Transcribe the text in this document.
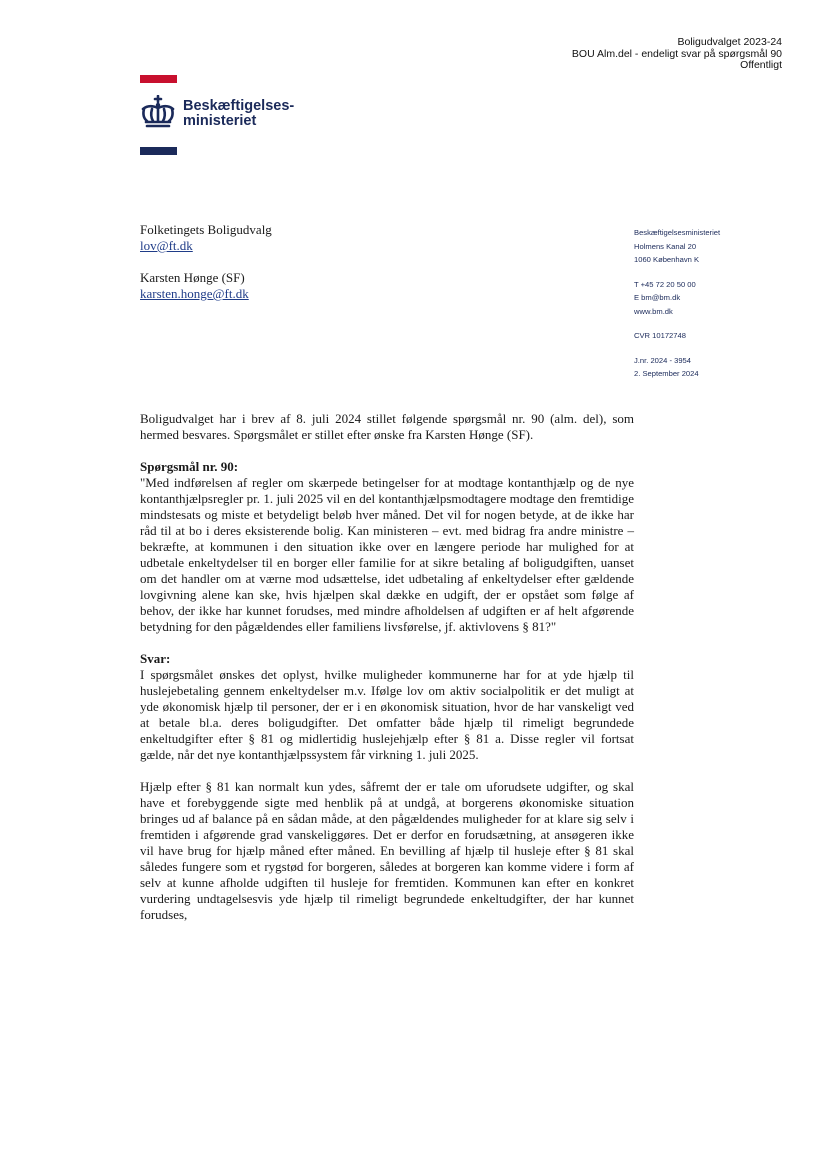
Boligudvalget 2023-24
BOU Alm.del - endeligt svar på spørgsmål 90
Offentligt
Beskæftigelses-
ministeriet
Folketingets Boligudvalg
lov@ft.dk
Karsten Hønge (SF)
karsten.honge@ft.dk
Beskæftigelsesministeriet
Holmens Kanal 20
1060 København K
T +45 72 20 50 00
E bm@bm.dk
www.bm.dk
CVR 10172748
J.nr. 2024 - 3954
2. September 2024

Boligudvalget har i brev af 8. juli 2024 stillet følgende spørgsmål nr. 90 (alm. del), som hermed besvares. Spørgsmålet er stillet efter ønske fra Karsten Hønge (SF).

Spørgsmål nr. 90:

"Med indførelsen af regler om skærpede betingelser for at modtage kontanthjælp og de nye kontanthjælpsregler pr. 1. juli 2025 vil en del kontanthjælpsmodtagere modtage den fremtidige mindstesats og miste et betydeligt beløb hver måned. Det vil for nogen betyde, at de ikke har råd til at bo i deres eksisterende bolig. Kan ministeren – evt. med bidrag fra andre ministre – bekræfte, at kommunen i den situation ikke over en længere periode har mulighed for at udbetale enkeltydelser til en borger eller familie for at sikre betaling af boligudgiften, uanset om det handler om at værne mod udsættelse, idet udbetaling af enkeltydelser efter gældende lovgivning alene kan ske, hvis hjælpen skal dække en udgift, der er opstået som følge af behov, der ikke har kunnet forudses, med mindre afholdelsen af udgiften er af helt afgørende betydning for den pågældendes eller familiens livsførelse, jf. aktivlovens § 81?"

Svar:

I spørgsmålet ønskes det oplyst, hvilke muligheder kommunerne har for at yde hjælp til huslejebetaling gennem enkeltydelser m.v. Ifølge lov om aktiv socialpolitik er det muligt at yde økonomisk hjælp til personer, der er i en økonomisk situation, hvor de har vanskeligt ved at betale bl.a. deres boligudgifter. Det omfatter både hjælp til rimeligt begrundede enkeltudgifter efter § 81 og midlertidig huslejehjælp efter § 81 a. Disse regler vil fortsat gælde, når det nye kontanthjælpssystem får virkning 1. juli 2025.

Hjælp efter § 81 kan normalt kun ydes, såfremt der er tale om uforudsete udgifter, og skal have et forebyggende sigte med henblik på at undgå, at borgerens økonomiske situation bringes ud af balance på en sådan måde, at den pågældendes muligheder for at klare sig selv i fremtiden i afgørende grad vanskeliggøres. Det er derfor en forudsætning, at ansøgeren ikke vil have brug for hjælp måned efter måned. En bevilling af hjælp til husleje efter § 81 skal således fungere som et rygstød for borgeren, således at borgeren kan komme videre i form af selv at kunne afholde udgiften til husleje for fremtiden. Kommunen kan efter en konkret vurdering undtagelsesvis yde hjælp til rimeligt begrundede enkeltudgifter, der har kunnet forudses,
